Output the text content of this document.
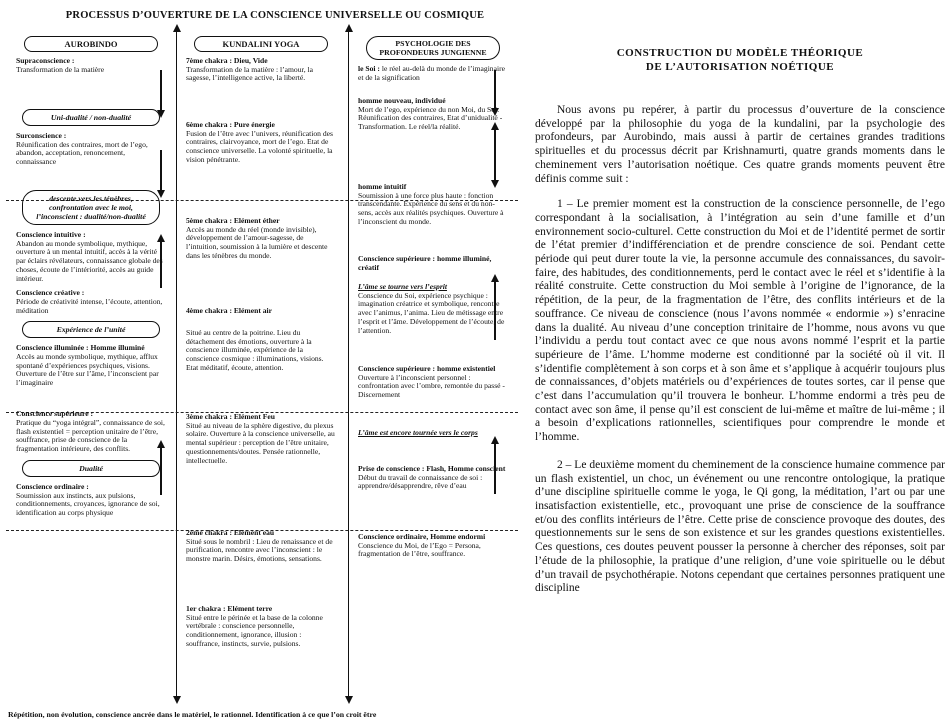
PROCESSUS D’OUVERTURE DE LA CONSCIENCE UNIVERSELLE OU COSMIQUE
AUROBINDO
Supraconscience :
Transformation de la matière
Uni-dualité / non-dualité
Surconscience :
Réunification des contraires, mort de l’ego, abandon, acceptation, renoncement, connaissance
descente vers les ténèbres, confrontation avec le moi, l’inconscient : dualité/non-dualité
Conscience intuitive :
Abandon au monde symbolique, mythique, ouverture à un mental intuitif, accès à la vérité par éclairs révélateurs, connaissance globale des choses, écoute de l’intériorité, accès au guide intérieur.
Conscience créative :
Période de créativité intense, l’écoute, attention, méditation
Expérience de l’unité
Conscience illuminée : Homme illuminé
Accès au monde symbolique, mythique, afflux spontané d’expériences psychiques, visions. Ouverture de l’être sur l’âme, l’inconscient par l’imaginaire
Conscience supérieure :
Pratique du “yoga intégral”, connaissance de soi, flash existentiel = perception unitaire de l’être, souffrance, prise de conscience de la fragmentation intérieure, des conflits.
Dualité
Conscience ordinaire :
Soumission aux instincts, aux pulsions, conditionnements, croyances, ignorance de soi, identification au corps physique
KUNDALINI YOGA
7ème chakra : Dieu, Vide
Transformation de la matière : l’amour, la sagesse, l’intelligence active, la liberté.
6ème chakra : Pure énergie
Fusion de l’être avec l’univers, réunification des contraires, clairvoyance, mort de l’ego. Etat de conscience universelle. La volonté spirituelle, la vision pénétrante.
5ème chakra : Elément éther
Accès au monde du réel (monde invisible), développement de l’amour-sagesse, de l’intuition, soumission à la lumière et descente dans les ténèbres du monde.
4ème chakra : Elément air
Situé au centre de la poitrine. Lieu du détachement des émotions, ouverture à la conscience illuminée, expérience de la conscience cosmique : illuminations, visions. Etat méditatif, écoute, attention.
3ème chakra : Elément Feu
Situé au niveau de la sphère digestive, du plexus solaire. Ouverture à la conscience universelle, au mental supérieur : perception de l’être unitaire, questionnements/doutes. Pensée rationnelle, intellectuelle.
2ème chakra : Elément eau
Situé sous le nombril : Lieu de renaissance et de purification, rencontre avec l’inconscient : le monstre marin. Désirs, émotions, sensations.
1er chakra : Elément terre
Situé entre le périnée et la base de la colonne vertébrale : conscience personnelle, conditionnement, ignorance, illusion : souffrance, instincts, survie, pulsions.
PSYCHOLOGIE DES PROFONDEURS JUNGIENNE
le Soi : le réel au-delà du monde de l’imaginaire et de la signification
homme nouveau, individué
Mort de l’ego, expérience du non Moi, du Soi. Réunification des contraires, Etat d’unidualité - Transformation. Le réel/la réalité.
homme intuitif
Soumission à une force plus haute : fonction transcendante. Expérience du sens et du non-sens, accès aux réalités psychiques. Ouverture à l’inconscient du monde.
Conscience supérieure : homme illuminé, créatif
L’âme se tourne vers l’esprit
Conscience du Soi, expérience psychique : imagination créatrice et symbolique, rencontre avec l’animus, l’anima. Lieu de métissage entre l’esprit et l’âme. Développement de l’écoute, de l’attention.
Conscience supérieure : homme existentiel
Ouverture à l’inconscient personnel : confrontation avec l’ombre, remontée du passé - Discernement
L’âme est encore tournée vers le corps
Prise de conscience : Flash, Homme conscient
Début du travail de connaissance de soi : apprendre/désapprendre, rêve d’eau
Conscience ordinaire, Homme endormi
Conscience du Moi, de l’Ego = Persona, fragmentation de l’être, souffrance.
Répétition, non évolution, conscience ancrée dans le matériel, le rationnel. Identification à ce que l’on croit être
CONSTRUCTION DU MODÈLE THÉORIQUE
DE L’AUTORISATION NOÉTIQUE

Nous avons pu repérer, à partir du processus d’ouverture de la conscience développé par la philosophie du yoga de la kundalini, par la psychologie des profondeurs, par Aurobindo, mais aussi à partir de certaines grandes traditions spirituelles et du processus décrit par Krishnamurti, quatre grands moments dans le cheminement vers l’autorisation noétique. Ces quatre grands moments peuvent être définis comme suit :

1 – Le premier moment est la construction de la conscience personnelle, de l’ego correspondant à la socialisation, à l’intégration au sein d’une famille et d’un environnement socio-culturel. Cette construction du Moi et de l’identité permet de sortir de l’état premier d’indifférenciation et de prendre conscience de soi. Pendant cette période qui peut durer toute la vie, la personne accumule des connaissances, du savoir-faire, des habitudes, des conditionnements, perd le contact avec le réel et s’identifie à la réalité construite. Cette construction du Moi semble à l’origine de l’ignorance, de la répétition, de la peur, de la fragmentation de l’être, des conflits intérieurs et de la souffrance. Ce niveau de conscience (nous l’avons nommée « endormie ») s’enracine dans la dualité. Au niveau d’une conception trinitaire de l’homme, nous avons vu que l’individu a perdu tout contact avec ce que nous avons nommé l’esprit et la partie supérieure de l’âme. L’homme moderne est conditionné par la société où il vit. Il s’identifie complètement à son corps et à son âme et s’applique à acquérir toujours plus de connaissances, d’objets matériels ou d’expériences de toutes sortes, car il pense que c’est dans l’accumulation qu’il trouvera le bonheur. L’homme endormi a très peu de contact avec son âme, il pense qu’il est conscient de lui-même et maître de lui-même ; il a besoin d’explications rationnelles, scientifiques pour comprendre le monde et l’homme.

2 – Le deuxième moment du cheminement de la conscience humaine commence par un flash existentiel, un choc, un événement ou une rencontre ontologique, la pratique d’une discipline spirituelle comme le yoga, le Qi gong, la méditation, l’art ou par une insatisfaction existentielle, etc., provoquant une prise de conscience de la souffrance et/ou des conflits intérieurs de l’être. Cette prise de conscience provoque des doutes, des questionnements sur le sens de son existence et sur les grandes questions existentielles. Ces questions, ces doutes peuvent pousser la personne à chercher des réponses, soit par l’étude de la philosophie, la pratique d’une religion, d’une voie spirituelle ou le début d’un travail de psychothérapie. Notons cependant que certaines personnes pratiquent une discipline
